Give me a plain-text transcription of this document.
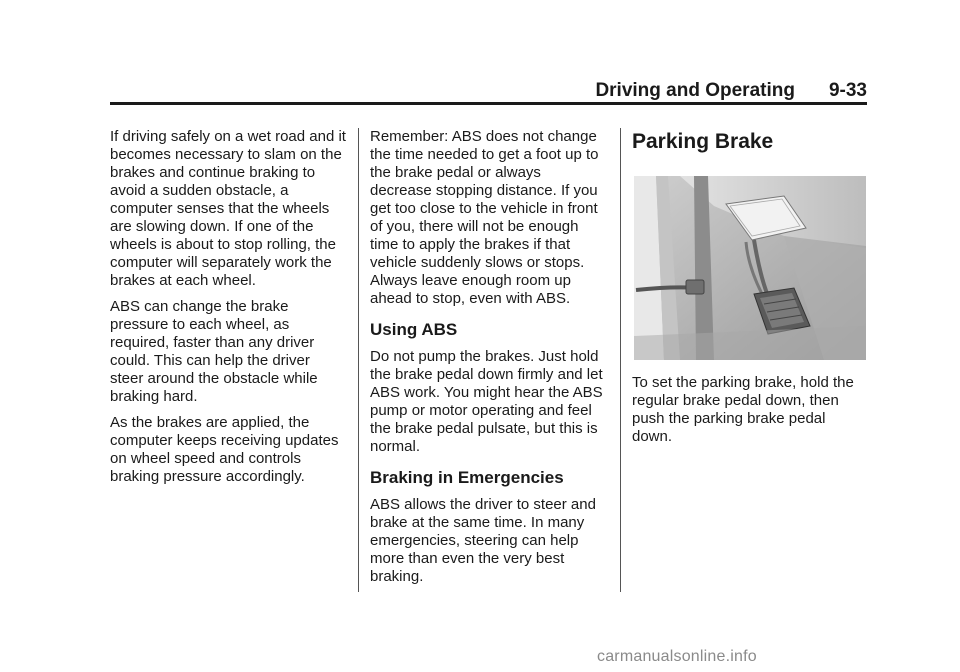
Driving and Operating 9-33

If driving safely on a wet road and it becomes necessary to slam on the brakes and continue braking to avoid a sudden obstacle, a computer senses that the wheels are slowing down. If one of the wheels is about to stop rolling, the computer will separately work the brakes at each wheel.

ABS can change the brake pressure to each wheel, as required, faster than any driver could. This can help the driver steer around the obstacle while braking hard.

As the brakes are applied, the computer keeps receiving updates on wheel speed and controls braking pressure accordingly.

Remember: ABS does not change the time needed to get a foot up to the brake pedal or always decrease stopping distance. If you get too close to the vehicle in front of you, there will not be enough time to apply the brakes if that vehicle suddenly slows or stops. Always leave enough room up ahead to stop, even with ABS.

Using ABS

Do not pump the brakes. Just hold the brake pedal down firmly and let ABS work. You might hear the ABS pump or motor operating and feel the brake pedal pulsate, but this is normal.

Braking in Emergencies

ABS allows the driver to steer and brake at the same time. In many emergencies, steering can help more than even the very best braking.

Parking Brake

To set the parking brake, hold the regular brake pedal down, then push the parking brake pedal down.

carmanualsonline.info
